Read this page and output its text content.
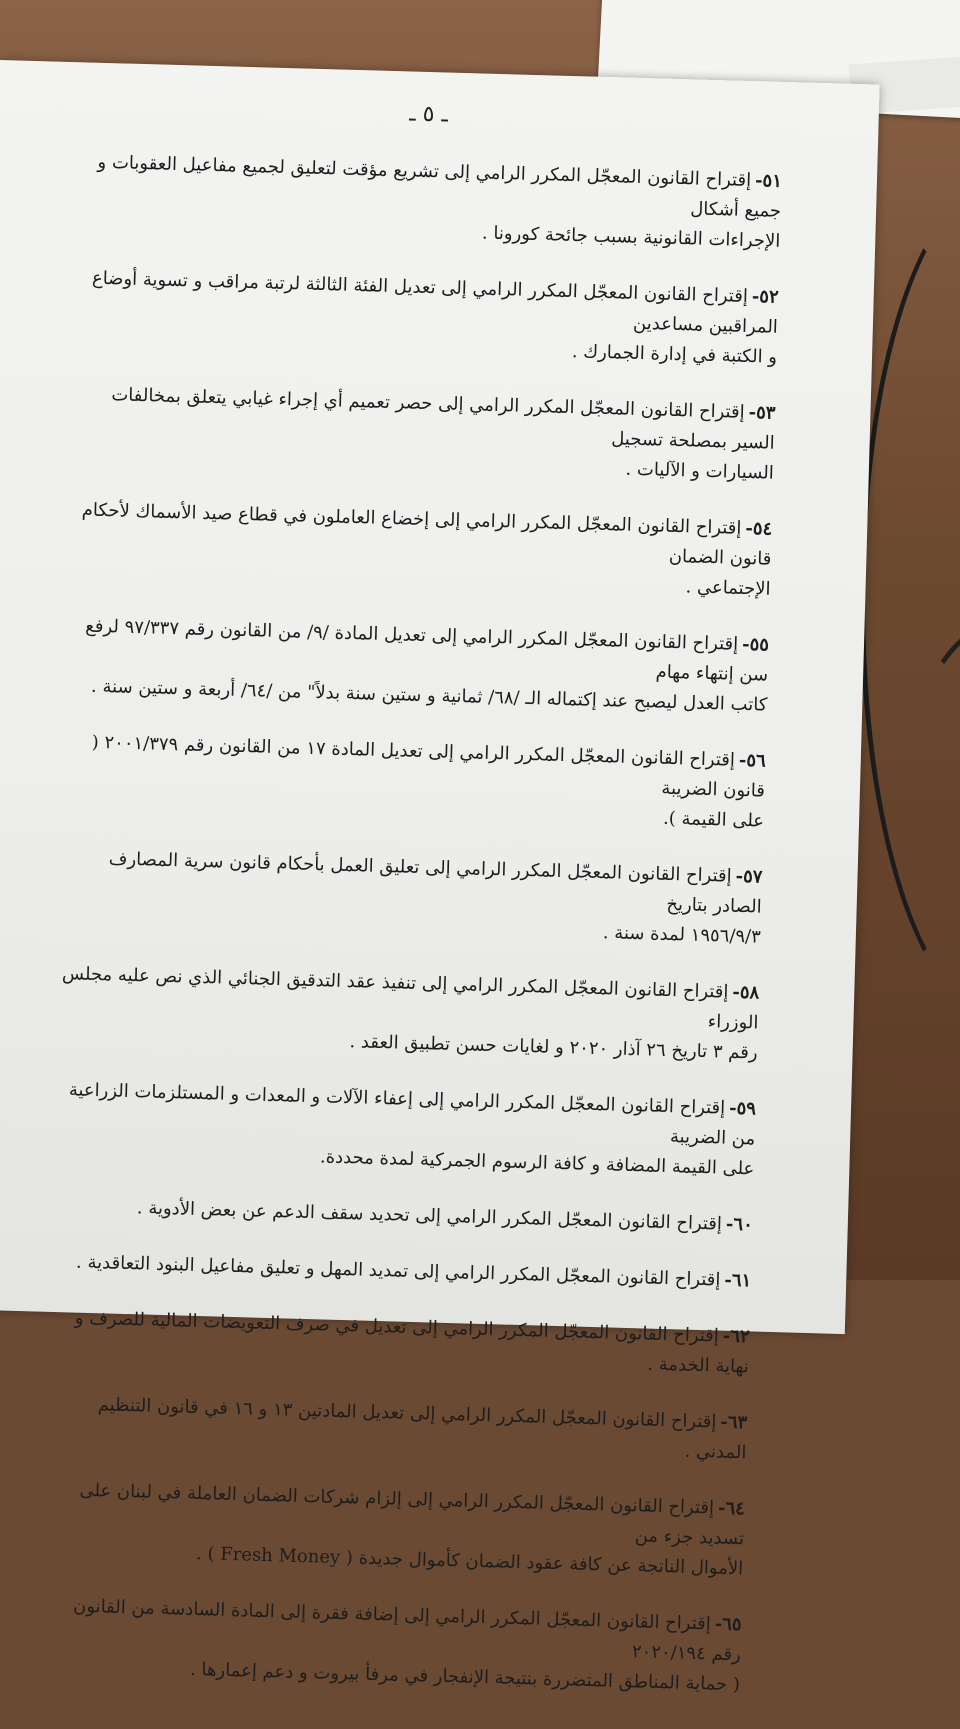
ـ ٥ ـ
٥١-إقتراح القانون المعجّل المكرر الرامي إلى تشريع مؤقت لتعليق لجميع مفاعيل العقوبات و جميع أشكال
الإجراءات القانونية بسبب جائحة كورونا .
٥٢-إقتراح القانون المعجّل المكرر الرامي إلى تعديل الفئة الثالثة لرتبة مراقب و تسوية أوضاع المراقبين مساعدين
و الكتبة في إدارة الجمارك .
٥٣-إقتراح القانون المعجّل المكرر الرامي إلى حصر تعميم أي إجراء غيابي يتعلق بمخالفات السير بمصلحة تسجيل
السيارات و الآليات .
٥٤-إقتراح القانون المعجّل المكرر الرامي إلى إخضاع العاملون في قطاع صيد الأسماك لأحكام قانون الضمان
الإجتماعي .
٥٥-إقتراح القانون المعجّل المكرر الرامي إلى تعديل المادة /٩/ من القانون رقم ٩٧/٣٣٧ لرفع سن إنتهاء مهام
كاتب العدل ليصبح عند إكتماله الـ /٦٨/ ثمانية و ستين سنة بدلاً" من /٦٤/ أربعة و ستين سنة .
٥٦-إقتراح القانون المعجّل المكرر الرامي إلى تعديل المادة ١٧ من القانون رقم ٢٠٠١/٣٧٩ ( قانون الضريبة
على القيمة ).
٥٧-إقتراح القانون المعجّل المكرر الرامي إلى تعليق العمل بأحكام قانون سرية المصارف الصادر بتاريخ
١٩٥٦/٩/٣ لمدة سنة .
٥٨-إقتراح القانون المعجّل المكرر الرامي إلى تنفيذ عقد التدقيق الجنائي الذي نص عليه مجلس الوزراء
رقم ٣ تاريخ ٢٦ آذار ٢٠٢٠ و لغايات حسن تطبيق العقد .
٥٩-إقتراح القانون المعجّل المكرر الرامي إلى إعفاء الآلات و المعدات و المستلزمات الزراعية من الضريبة
على القيمة المضافة و كافة الرسوم الجمركية لمدة محددة.
٦٠-إقتراح القانون المعجّل المكرر الرامي إلى تحديد سقف الدعم عن بعض الأدوية .
٦١-إقتراح القانون المعجّل المكرر الرامي إلى تمديد المهل و تعليق مفاعيل البنود التعاقدية .
٦٢-إقتراح القانون المعجّل المكرر الرامي إلى تعديل في صرف التعويضات المالية للصرف و نهاية الخدمة .
٦٣-إقتراح القانون المعجّل المكرر الرامي إلى تعديل المادتين ١٣ و ١٦ في قانون التنظيم المدني .
٦٤-إقتراح القانون المعجّل المكرر الرامي إلى إلزام شركات الضمان العاملة في لبنان على تسديد جزء من
الأموال الناتجة عن كافة عقود الضمان كأموال جديدة ( Fresh Money ) .
٦٥-إقتراح القانون المعجّل المكرر الرامي إلى إضافة فقرة إلى المادة السادسة من القانون رقم ٢٠٢٠/١٩٤
( حماية المناطق المتضررة بنتيجة الإنفجار في مرفأ بيروت و دعم إعمارها .
